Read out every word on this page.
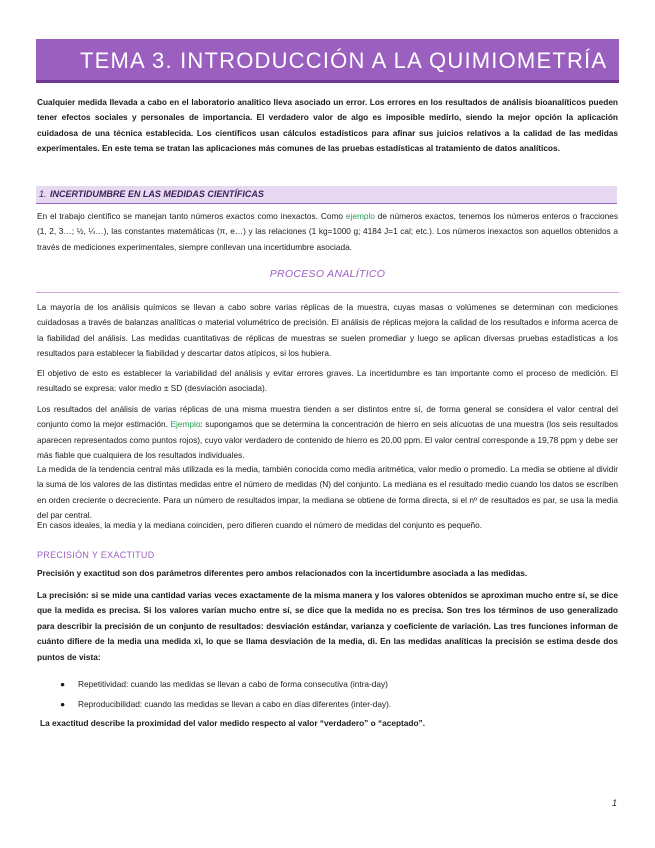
TEMA 3. INTRODUCCIÓN A LA QUIMIOMETRÍA

Cualquier medida llevada a cabo en el laboratorio analítico lleva asociado un error. Los errores en los resultados de análisis bioanalíticos pueden tener efectos sociales y personales de importancia. El verdadero valor de algo es imposible medirlo, siendo la mejor opción la aplicación cuidadosa de una técnica establecida. Los científicos usan cálculos estadísticos para afinar sus juicios relativos a la calidad de las medidas experimentales. En este tema se tratan las aplicaciones más comunes de las pruebas estadísticas al tratamiento de datos analíticos.

1. INCERTIDUMBRE EN LAS MEDIDAS CIENTÍFICAS

En el trabajo científico se manejan tanto números exactos como inexactos. Como ejemplo de números exactos, tenemos los números enteros o fracciones (1, 2, 3…; ½, ¼…), las constantes matemáticas (π, e…) y las relaciones (1 kg=1000 g; 4184 J=1 cal; etc.). Los números inexactos son aquellos obtenidos a través de mediciones experimentales, siempre conllevan una incertidumbre asociada.

PROCESO ANALÍTICO

La mayoría de los análisis químicos se llevan a cabo sobre varias réplicas de la muestra, cuyas masas o volúmenes se determinan con mediciones cuidadosas a través de balanzas analíticas o material volumétrico de precisión. El análisis de réplicas mejora la calidad de los resultados e informa acerca de la fiabilidad del análisis. Las medidas cuantitativas de réplicas de muestras se suelen promediar y luego se aplican diversas pruebas estadísticas a los resultados para establecer la fiabilidad y descartar datos atípicos, si los hubiera.

El objetivo de esto es establecer la variabilidad del análisis y evitar errores graves. La incertidumbre es tan importante como el proceso de medición. El resultado se expresa: valor medio ± SD (desviación asociada).

Los resultados del análisis de varias réplicas de una misma muestra tienden a ser distintos entre sí, de forma general se considera el valor central del conjunto como la mejor estimación. Ejemplo: supongamos que se determina la concentración de hierro en seis alícuotas de una muestra (los seis resultados aparecen representados como puntos rojos), cuyo valor verdadero de contenido de hierro es 20,00 ppm. El valor central corresponde a 19,78 ppm y debe ser más fiable que cualquiera de los resultados individuales.

La medida de la tendencia central más utilizada es la media, también conocida como media aritmética, valor medio o promedio. La media se obtiene al dividir la suma de los valores de las distintas medidas entre el número de medidas (N) del conjunto. La mediana es el resultado medio cuando los datos se escriben en orden creciente o decreciente. Para un número de resultados impar, la mediana se obtiene de forma directa, si el nº de resultados es par, se usa la media del par central.

En casos ideales, la media y la mediana coinciden, pero difieren cuando el número de medidas del conjunto es pequeño.

PRECISIÓN Y EXACTITUD

Precisión y exactitud son dos parámetros diferentes pero ambos relacionados con la incertidumbre asociada a las medidas.

La precisión: si se mide una cantidad varias veces exactamente de la misma manera y los valores obtenidos se aproximan mucho entre sí, se dice que la medida es precisa. Si los valores varían mucho entre sí, se dice que la medida no es precisa. Son tres los términos de uso generalizado para describir la precisión de un conjunto de resultados: desviación estándar, varianza y coeficiente de variación. Las tres funciones informan de cuánto difiere de la media una medida xi, lo que se llama desviación de la media, di. En las medidas analíticas la precisión se estima desde dos puntos de vista:

● Repetitividad: cuando las medidas se llevan a cabo de forma consecutiva (intra-day)
● Reproducibilidad: cuando las medidas se llevan a cabo en días diferentes (inter-day).

La exactitud describe la proximidad del valor medido respecto al valor “verdadero” o “aceptado”.

1
